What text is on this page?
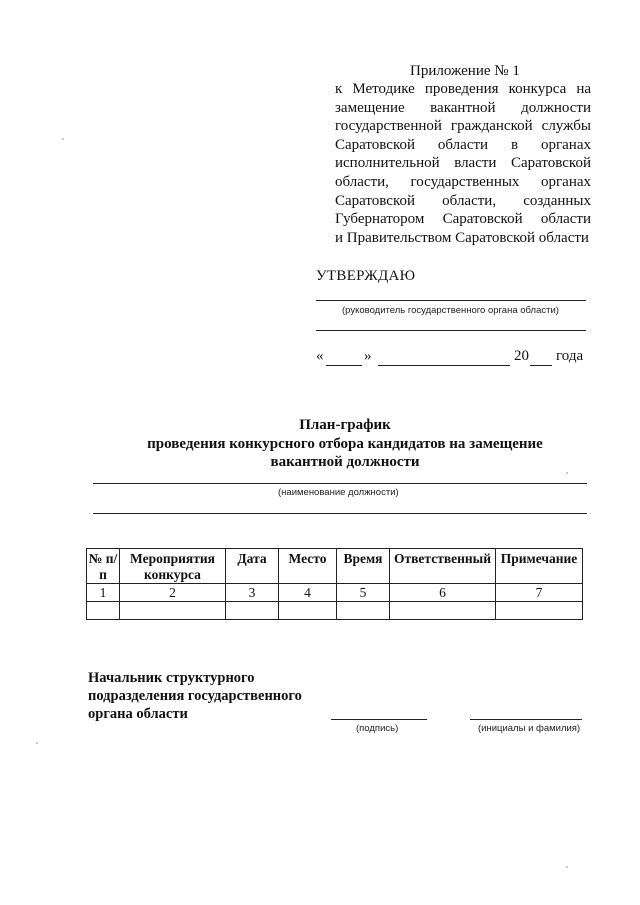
Приложение № 1
к Методике проведения конкурса на замещение вакантной должности государственной гражданской службы Саратовской области в органах исполнительной власти Саратовской области, государственных органах Саратовской области, созданных Губернатором Саратовской области
и Правительством Саратовской области
УТВЕРЖДАЮ
(руководитель государственного органа области)
«	»	20 года
План-график
проведения конкурсного отбора кандидатов на замещение
вакантной должности
(наименование должности)
№ п/п	Мероприятия конкурса	Дата	Место	Время	Ответственный	Примечание
1	2	3	4	5	6	7

Начальник структурного
подразделения государственного
органа области
(подпись)	(инициалы и фамилия)
